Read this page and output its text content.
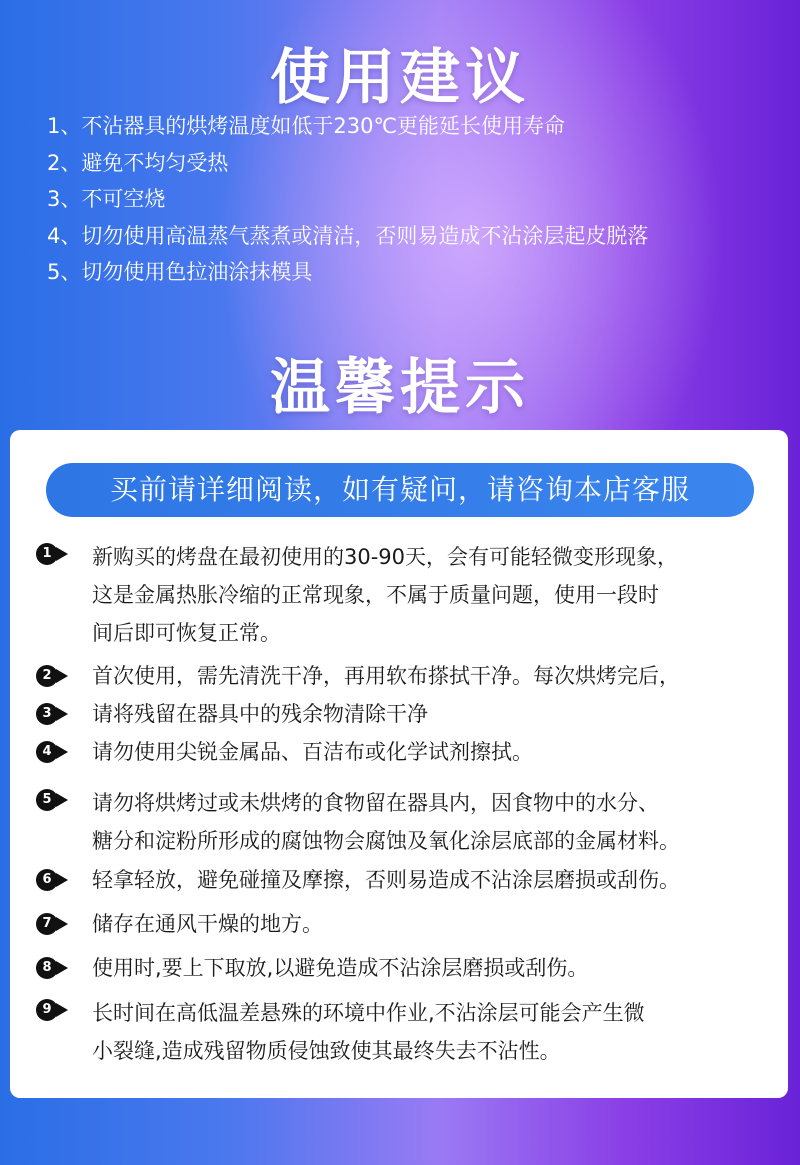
使用建议
1、不沾器具的烘烤温度如低于230℃更能延长使用寿命
2、避免不均匀受热
3、不可空烧
4、切勿使用高温蒸气蒸煮或清洁，否则易造成不沾涂层起皮脱落
5、切勿使用色拉油涂抹模具
温馨提示
买前请详细阅读，如有疑问，请咨询本店客服
1	新购买的烤盘在最初使用的30-90天，会有可能轻微变形现象，
这是金属热胀冷缩的正常现象，不属于质量问题，使用一段时
间后即可恢复正常。
2	首次使用，需先清洗干净，再用软布搽拭干净。每次烘烤完后，
3	请将残留在器具中的残余物清除干净
4	请勿使用尖锐金属品、百洁布或化学试剂擦拭。
5	请勿将烘烤过或未烘烤的食物留在器具内，因食物中的水分、
糖分和淀粉所形成的腐蚀物会腐蚀及氧化涂层底部的金属材料。
6	轻拿轻放，避免碰撞及摩擦，否则易造成不沾涂层磨损或刮伤。
7	储存在通风干燥的地方。
8	使用时,要上下取放,以避免造成不沾涂层磨损或刮伤。
9	长时间在高低温差悬殊的环境中作业,不沾涂层可能会产生微
小裂缝,造成残留物质侵蚀致使其最终失去不沾性。
